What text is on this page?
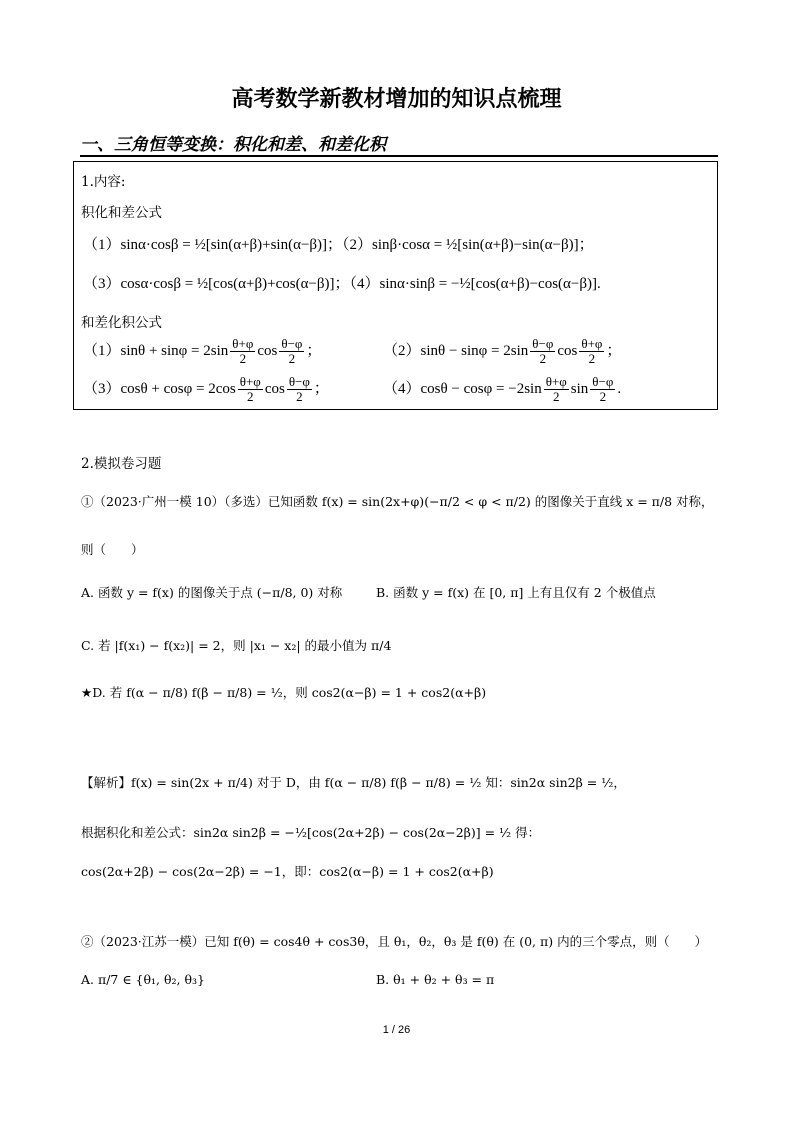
高考数学新教材增加的知识点梳理
一、三角恒等变换：积化和差、和差化积
1.内容:
积化和差公式
（1）sinα·cosβ = ½[sin(α+β)+sin(α−β)]；（2）sinβ·cosα = ½[sin(α+β)−sin(α−β)]；
（3）cosα·cosβ = ½[cos(α+β)+cos(α−β)]；（4）sinα·sinβ = −½[cos(α+β)−cos(α−β)].
和差化积公式
$(1)\sin\theta + \sin\varphi = 2\sin \frac{\theta+\varphi}{2}$ $\cos \frac{\theta-\varphi}{2}$ ；	$(2)\sin\theta - \sin\varphi = 2\sin \frac{\theta-\varphi}{2}$ $\cos \frac{\theta+\varphi}{2}$ ；
$(3)\cos\theta + \cos\varphi = 2\cos \frac{\theta+\varphi}{2}$ $\cos \frac{\theta-\varphi}{2}$ ；	$(4)\cos\theta - \cos\varphi = -2\sin \frac{\theta+\varphi}{2}$ $\sin \frac{\theta-\varphi}{2}$ .
2.模拟卷习题
①（2023·广州一模 10）（多选）已知函数 f(x) = sin(2x+φ)(−π/2 < φ < π/2) 的图像关于直线 x = π/8 对称，
则（　　）
A. 函数 y = f(x) 的图像关于点 (−π/8, 0) 对称	B. 函数 y = f(x) 在 [0, π] 上有且仅有 2 个极值点
C. 若 |f(x₁) − f(x₂)| = 2，则 |x₁ − x₂| 的最小值为 π/4
★D. 若 f(α − π/8) f(β − π/8) = ½，则 cos2(α−β) = 1 + cos2(α+β)
【解析】f(x) = sin(2x + π/4) 对于 D，由 f(α − π/8) f(β − π/8) = ½ 知：sin2α sin2β = ½，
根据积化和差公式：sin2α sin2β = −½[cos(2α+2β) − cos(2α−2β)] = ½ 得：
cos(2α+2β) − cos(2α−2β) = −1，即：cos2(α−β) = 1 + cos2(α+β)
②（2023·江苏一模）已知 f(θ) = cos4θ + cos3θ，且 θ₁，θ₂，θ₃ 是 f(θ) 在 (0, π) 内的三个零点，则（　　）
A. π/7 ∈ {θ₁, θ₂, θ₃}	B. θ₁ + θ₂ + θ₃ = π
1 / 26
